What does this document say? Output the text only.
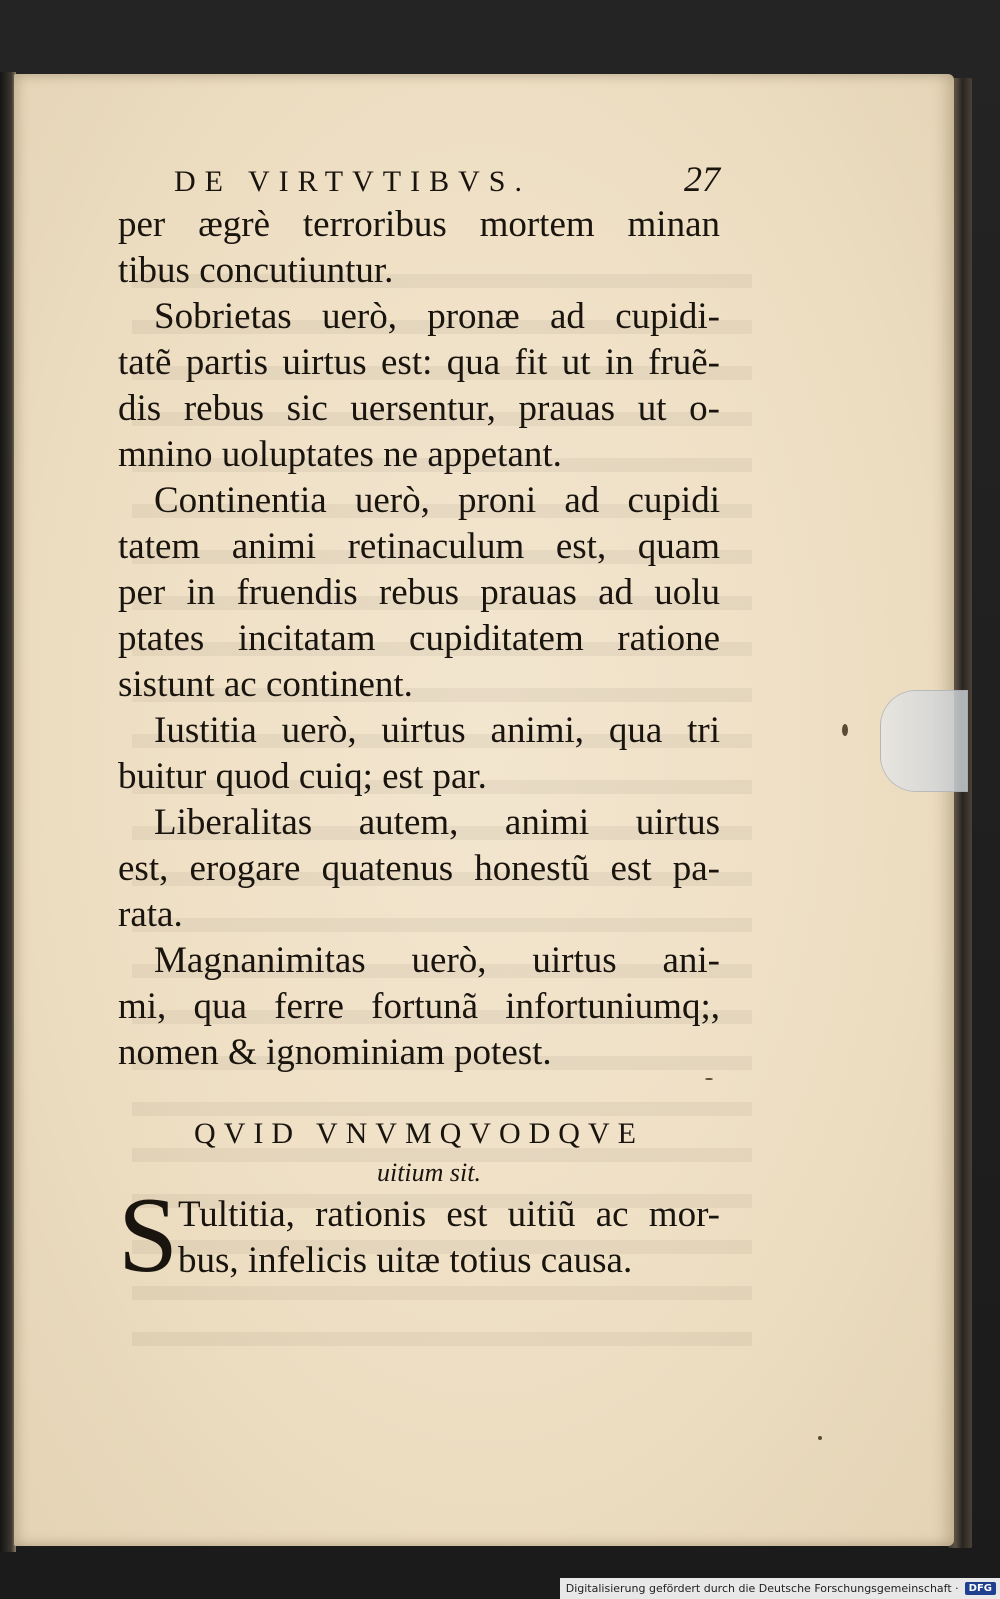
DE VIRTVTIBVS.	27
per ægrè terroribus mortem minan
tibus concutiuntur.
Sobrietas uerò, pronæ ad cupidi-
tatẽ partis uirtus est: qua fit ut in fruẽ-
dis rebus sic uersentur, prauas ut o-
mnino uoluptates ne appetant.
Continentia uerò, proni ad cupidi
tatem animi retinaculum est, quam
per in fruendis rebus prauas ad uolu
ptates incitatam cupiditatem ratione
sistunt ac continent.
Iustitia uerò, uirtus animi, qua tri
buitur quod cuiq; est par.
Liberalitas autem, animi uirtus
est, erogare quatenus honestũ est pa-
rata.
Magnanimitas uerò, uirtus ani-
mi, qua ferre fortunã infortuniumq;,
nomen & ignominiam potest.
QVID VNVMQVODQVE
uitium sit.
S Tultitia, rationis est uitiũ ac mor-
bus, infelicis uitæ totius causa.
Digitalisierung gefördert durch die Deutsche Forschungsgemeinschaft ·	DFG
